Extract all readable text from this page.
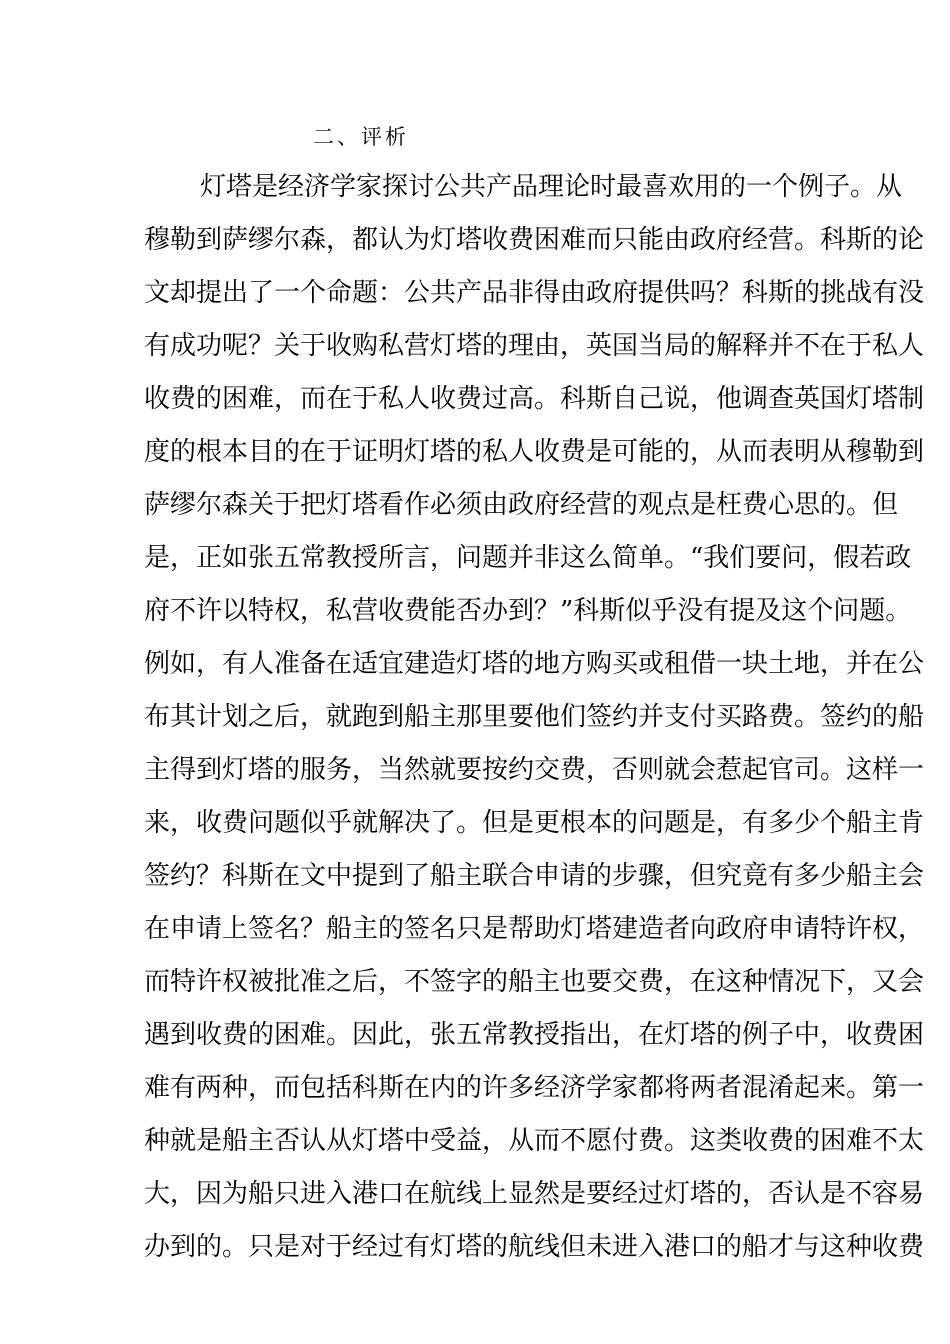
二、评析
灯塔是经济学家探讨公共产品理论时最喜欢用的一个例子。从
穆勒到萨缪尔森，都认为灯塔收费困难而只能由政府经营。科斯的论
文却提出了一个命题：公共产品非得由政府提供吗？科斯的挑战有没
有成功呢？关于收购私营灯塔的理由，英国当局的解释并不在于私人
收费的困难，而在于私人收费过高。科斯自己说，他调查英国灯塔制
度的根本目的在于证明灯塔的私人收费是可能的，从而表明从穆勒到
萨缪尔森关于把灯塔看作必须由政府经营的观点是枉费心思的。但
是，正如张五常教授所言，问题并非这么简单。“我们要问，假若政
府不许以特权，私营收费能否办到？”科斯似乎没有提及这个问题。
例如，有人准备在适宜建造灯塔的地方购买或租借一块土地，并在公
布其计划之后，就跑到船主那里要他们签约并支付买路费。签约的船
主得到灯塔的服务，当然就要按约交费，否则就会惹起官司。这样一
来，收费问题似乎就解决了。但是更根本的问题是，有多少个船主肯
签约？科斯在文中提到了船主联合申请的步骤，但究竟有多少船主会
在申请上签名？船主的签名只是帮助灯塔建造者向政府申请特许权，
而特许权被批准之后，不签字的船主也要交费，在这种情况下，又会
遇到收费的困难。因此，张五常教授指出，在灯塔的例子中，收费困
难有两种，而包括科斯在内的许多经济学家都将两者混淆起来。第一
种就是船主否认从灯塔中受益，从而不愿付费。这类收费的困难不太
大，因为船只进入港口在航线上显然是要经过灯塔的，否认是不容易
办到的。只是对于经过有灯塔的航线但未进入港口的船才与这种收费
